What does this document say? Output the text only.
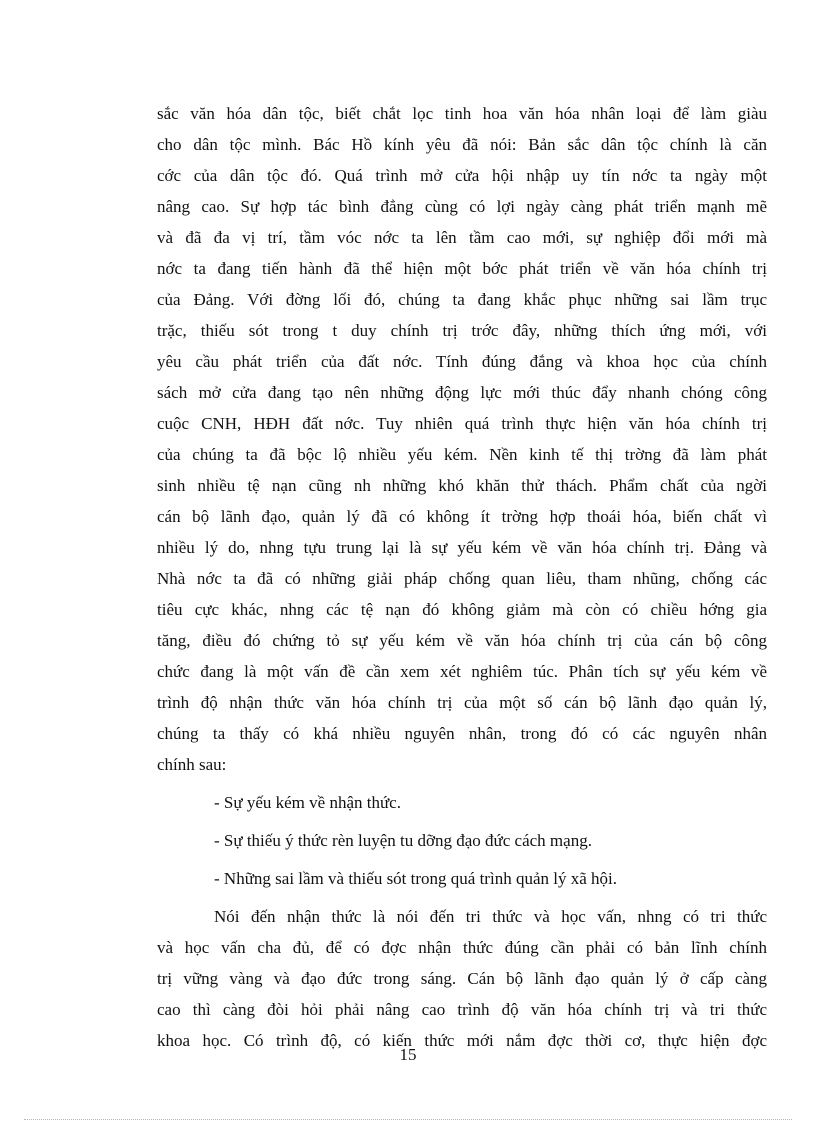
sắc văn hóa dân tộc, biết chắt lọc tinh hoa văn hóa nhân loại để làm giàu
cho dân tộc mình. Bác Hồ kính yêu đã nói: Bản sắc dân tộc chính là căn
cớc của dân tộc đó. Quá trình mở cửa hội nhập uy tín nớc ta ngày một
nâng cao. Sự hợp tác bình đẳng cùng có lợi ngày càng phát triển mạnh mẽ
và đã đa vị trí, tầm vóc nớc ta lên tầm cao mới, sự nghiệp đổi mới mà
nớc ta đang tiến hành đã thể hiện một bớc phát triển về văn hóa chính trị
của Đảng. Với đờng lối đó, chúng ta đang khắc phục những sai lầm trục
trặc, thiếu sót trong t duy chính trị trớc đây, những thích ứng mới, với
yêu cầu phát triển của đất nớc. Tính đúng đắng và khoa học của chính
sách mở cửa đang tạo nên những động lực mới thúc đẩy nhanh chóng công
cuộc CNH, HĐH đất nớc. Tuy nhiên quá trình thực hiện văn hóa chính trị
của chúng ta đã bộc lộ nhiều yếu kém. Nền kinh tế thị trờng đã làm phát
sinh nhiều tệ nạn cũng nh những khó khăn thử thách. Phẩm chất của ngời
cán bộ lãnh đạo, quản lý đã có không ít trờng hợp thoái hóa, biến chất vì
nhiều lý do, nhng tựu trung lại là sự yếu kém về văn hóa chính trị. Đảng và
Nhà nớc ta đã có những giải pháp chống quan liêu, tham nhũng, chống các
tiêu cực khác, nhng các tệ nạn đó không giảm mà còn có chiều hớng gia
tăng, điều đó chứng tỏ sự yếu kém về văn hóa chính trị của cán bộ công
chức đang là một vấn đề cần xem xét nghiêm túc. Phân tích sự yếu kém về
trình độ nhận thức văn hóa chính trị của một số cán bộ lãnh đạo quản lý,
chúng ta thấy có khá nhiều nguyên nhân, trong đó có các nguyên nhân
chính sau:
- Sự yếu kém về nhận thức.
- Sự thiếu ý thức rèn luyện tu dỡng đạo đức cách mạng.
- Những sai lầm và thiếu sót trong quá trình quản lý xã hội.
Nói đến nhận thức là nói đến tri thức và học vấn, nhng có tri thức
và học vấn cha đủ, để có đợc nhận thức đúng cần phải có bản lĩnh chính
trị vững vàng và đạo đức trong sáng. Cán bộ lãnh đạo quản lý ở cấp càng
cao thì càng đòi hỏi phải nâng cao trình độ văn hóa chính trị và tri thức
khoa học. Có trình độ, có kiến thức mới nắm đợc thời cơ, thực hiện đợc
15
